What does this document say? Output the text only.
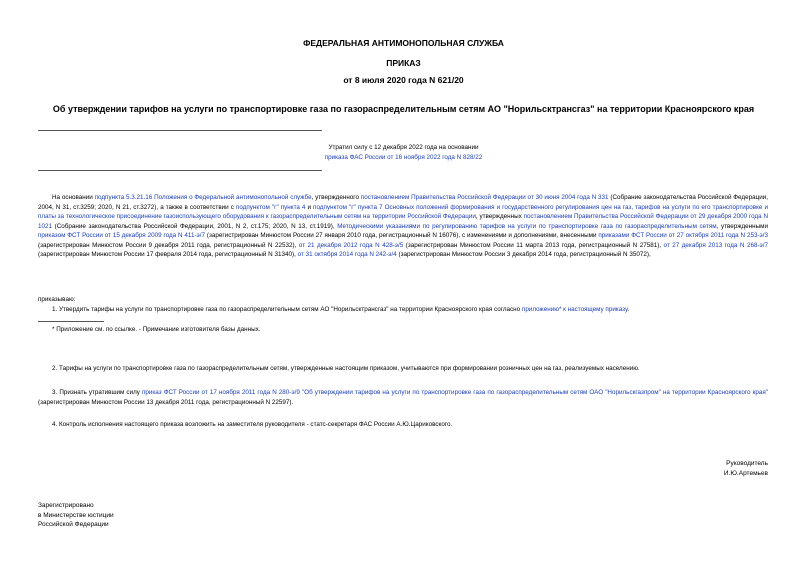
ФЕДЕРАЛЬНАЯ АНТИМОНОПОЛЬНАЯ СЛУЖБА
ПРИКАЗ
от 8 июля 2020 года N 621/20
Об утверждении тарифов на услуги по транспортировке газа по газораспределительным сетям АО "Норильсктрансгаз" на территории Красноярского края
Утратил силу с 12 декабря 2022 года на основании
приказа ФАС России от 16 ноября 2022 года N 828/22
На основании подпункта 5.3.21.16 Положения о Федеральной антимонопольной службе, утвержденного постановлением Правительства Российской Федерации от 30 июня 2004 года N 331 (Собрание законодательства Российской Федерации, 2004, N 31, ст.3259; 2020, N 21, ст.3272), а также в соответствии с подпунктом "г" пункта 4 и подпунктом "г" пункта 7 Основных положений формирования и государственного регулирования цен на газ, тарифов на услуги по его транспортировке и платы за технологическое присоединение газоиспользующего оборудования к газораспределительным сетям на территории Российской Федерации, утвержденных постановлением Правительства Российской Федерации от 29 декабря 2000 года N 1021 (Собрание законодательства Российской Федерации, 2001, N 2, ст.175; 2020, N 13, ст.1919), Методическими указаниями по регулированию тарифов на услуги по транспортировке газа по газораспределительным сетям, утвержденными приказом ФСТ России от 15 декабря 2009 года N 411-э/7 (зарегистрирован Минюстом России 27 января 2010 года, регистрационный N 16076), с изменениями и дополнениями, внесенными приказами ФСТ России от 27 октября 2011 года N 253-э/3 (зарегистрирован Минюстом России 9 декабря 2011 года, регистрационный N 22532), от 21 декабря 2012 года N 428-э/5 (зарегистрирован Минюстом России 11 марта 2013 года, регистрационный N 27581), от 27 декабря 2013 года N 268-э/7 (зарегистрирован Минюстом России 17 февраля 2014 года, регистрационный N 31340), от 31 октября 2014 года N 242-э/4 (зарегистрирован Минюстом России 3 декабря 2014 года, регистрационный N 35072),
приказываю:
1. Утвердить тарифы на услуги по транспортировке газа по газораспределительным сетям АО "Норильсктрансгаз" на территории Красноярского края согласно приложению* к настоящему приказу.
* Приложение см. по ссылке. - Примечание изготовителя базы данных.
2. Тарифы на услуги по транспортировке газа по газораспределительным сетям, утвержденные настоящим приказом, учитываются при формировании розничных цен на газ, реализуемых населению.
3. Признать утратившим силу приказ ФСТ России от 17 ноября 2011 года N 280-э/9 "Об утверждении тарифов на услуги по транспортировке газа по газораспределительным сетям ОАО "Норильскгазпром" на территории Красноярского края" (зарегистрирован Минюстом России 13 декабря 2011 года, регистрационный N 22597).
4. Контроль исполнения настоящего приказа возложить на заместителя руководителя - статс-секретаря ФАС России А.Ю.Цариковского.
Руководитель
И.Ю.Артемьев
Зарегистрировано
в Министерстве юстиции
Российской Федерации
